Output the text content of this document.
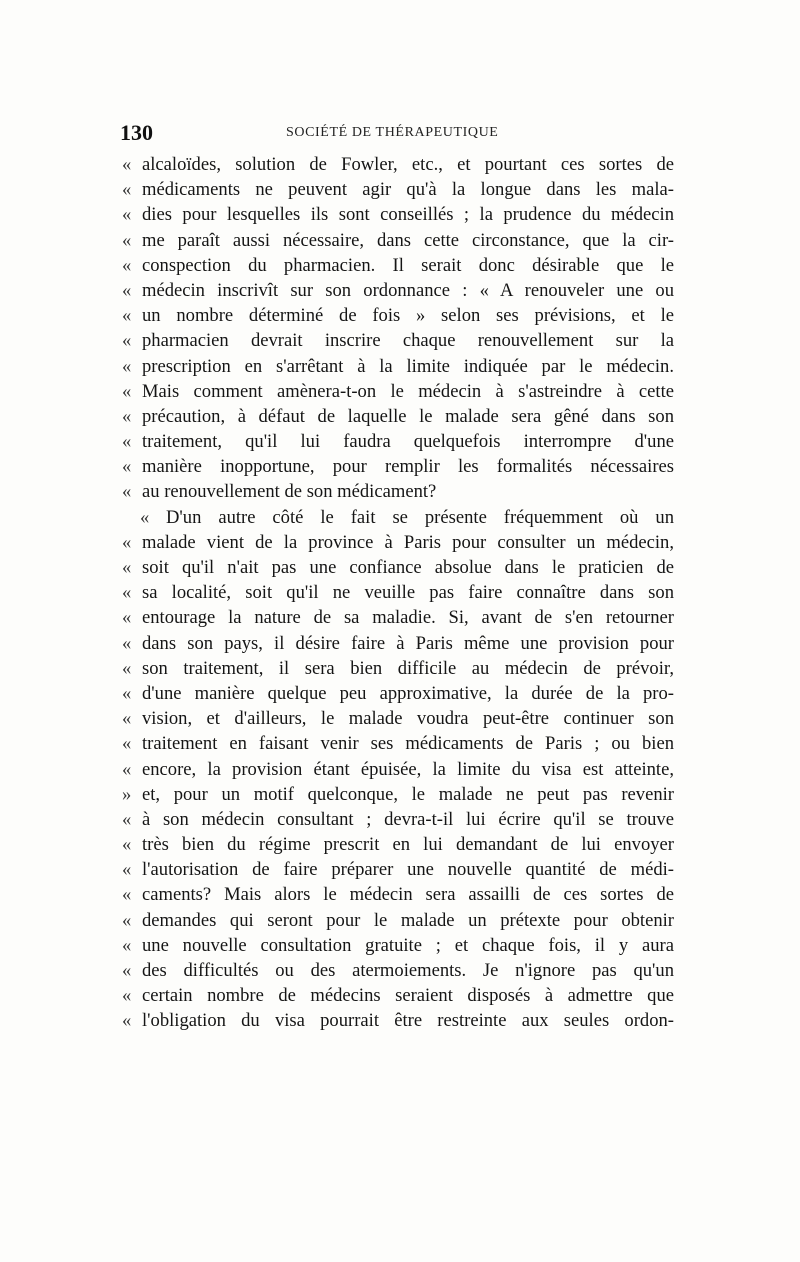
130	SOCIÉTÉ DE THÉRAPEUTIQUE
« alcaloïdes, solution de Fowler, etc., et pourtant ces sortes de
« médicaments ne peuvent agir qu'à la longue dans les mala-
« dies pour lesquelles ils sont conseillés ; la prudence du médecin
« me paraît aussi nécessaire, dans cette circonstance, que la cir-
« conspection du pharmacien. Il serait donc désirable que le
« médecin inscrivît sur son ordonnance : « A renouveler une ou
« un nombre déterminé de fois » selon ses prévisions, et le
« pharmacien devrait inscrire chaque renouvellement sur la
« prescription en s'arrêtant à la limite indiquée par le médecin.
« Mais comment amènera-t-on le médecin à s'astreindre à cette
« précaution, à défaut de laquelle le malade sera gêné dans son
« traitement, qu'il lui faudra quelquefois interrompre d'une
« manière inopportune, pour remplir les formalités nécessaires
« au renouvellement de son médicament?
« D'un autre côté le fait se présente fréquemment où un
« malade vient de la province à Paris pour consulter un médecin,
« soit qu'il n'ait pas une confiance absolue dans le praticien de
« sa localité, soit qu'il ne veuille pas faire connaître dans son
« entourage la nature de sa maladie. Si, avant de s'en retourner
« dans son pays, il désire faire à Paris même une provision pour
« son traitement, il sera bien difficile au médecin de prévoir,
« d'une manière quelque peu approximative, la durée de la pro-
« vision, et d'ailleurs, le malade voudra peut-être continuer son
« traitement en faisant venir ses médicaments de Paris ; ou bien
« encore, la provision étant épuisée, la limite du visa est atteinte,
» et, pour un motif quelconque, le malade ne peut pas revenir
« à son médecin consultant ; devra-t-il lui écrire qu'il se trouve
« très bien du régime prescrit en lui demandant de lui envoyer
« l'autorisation de faire préparer une nouvelle quantité de médi-
« caments? Mais alors le médecin sera assailli de ces sortes de
« demandes qui seront pour le malade un prétexte pour obtenir
« une nouvelle consultation gratuite ; et chaque fois, il y aura
« des difficultés ou des atermoiements. Je n'ignore pas qu'un
« certain nombre de médecins seraient disposés à admettre que
« l'obligation du visa pourrait être restreinte aux seules ordon-
